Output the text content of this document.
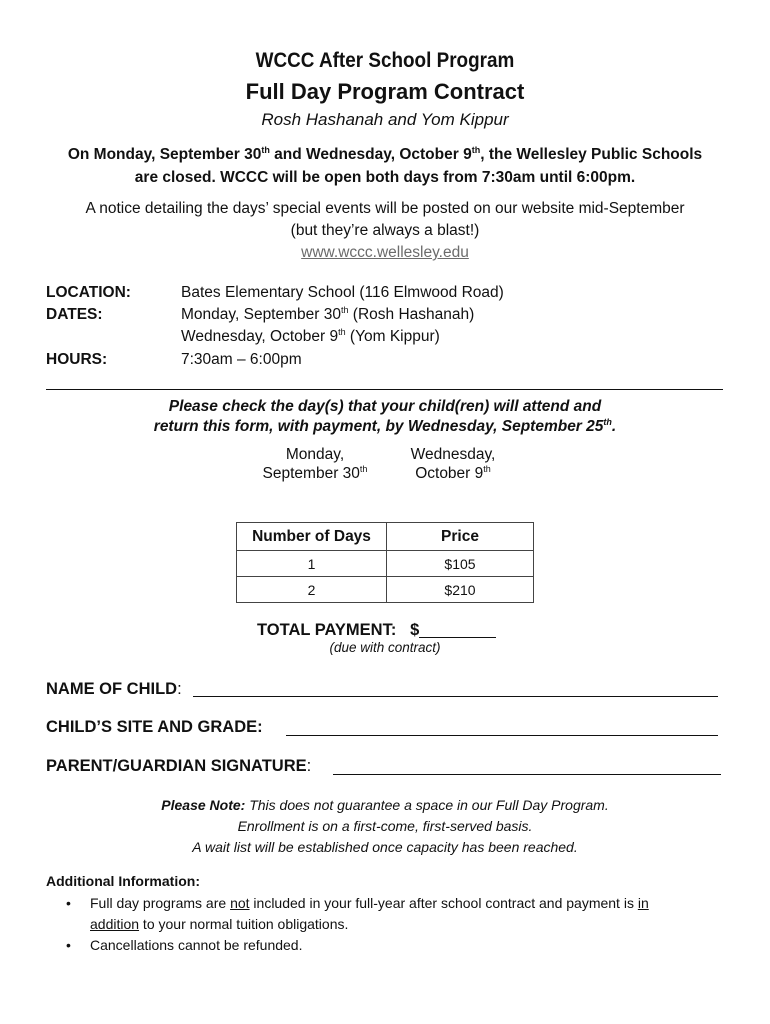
WCCC After School Program
Full Day Program Contract
Rosh Hashanah and Yom Kippur
On Monday, September 30th and Wednesday, October 9th, the Wellesley Public Schools
are closed. WCCC will be open both days from 7:30am until 6:00pm.
A notice detailing the days’ special events will be posted on our website mid-September
(but they’re always a blast!)
www.wccc.wellesley.edu
LOCATION:	Bates Elementary School (116 Elmwood Road)
DATES:	Monday, September 30th (Rosh Hashanah)
Wednesday, October 9th (Yom Kippur)
HOURS:	7:30am – 6:00pm
Please check the day(s) that your child(ren) will attend and
return this form, with payment, by Wednesday, September 25th.
Monday,
September 30th
Wednesday,
October 9th
Number of Days	Price
1	$105
2	$210
TOTAL PAYMENT: $
(due with contract)
NAME OF CHILD:
CHILD’S SITE AND GRADE:
PARENT/GUARDIAN SIGNATURE:
Please Note: This does not guarantee a space in our Full Day Program.
Enrollment is on a first-come, first-served basis.
A wait list will be established once capacity has been reached.
Additional Information:
• Full day programs are not included in your full-year after school contract and payment is in
addition to your normal tuition obligations.
• Cancellations cannot be refunded.
